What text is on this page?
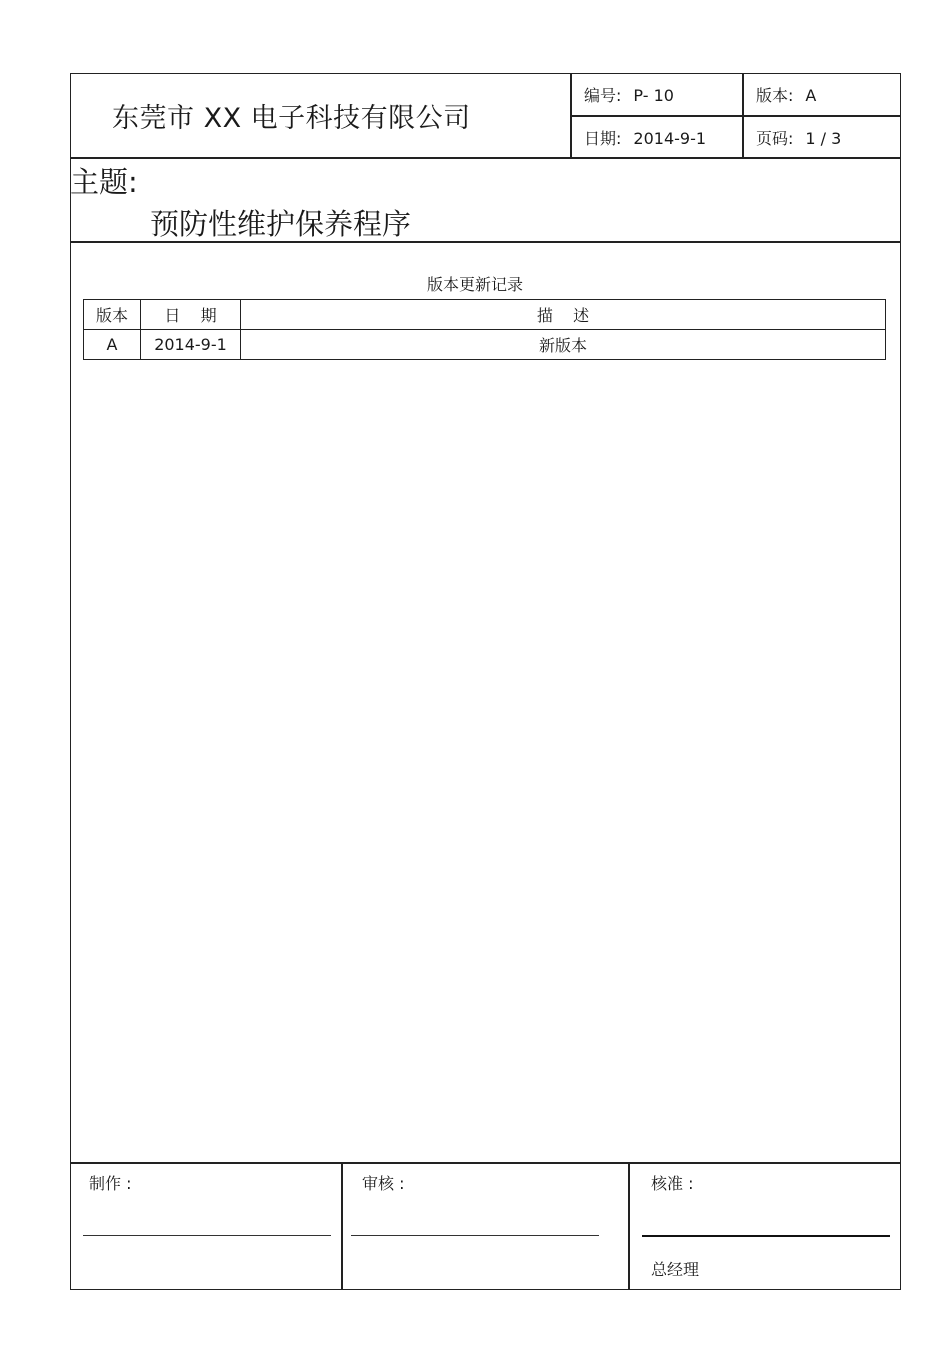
东莞市 XX 电子科技有限公司
编号: P- 10	版本: A
日期: 2014-9-1	页码: 1 / 3
主题:
预防性维护保养程序
版本更新记录
版本	日    期	描    述
A	2014-9-1	新版本
制作 :	审核 :	核准 :
总经理
